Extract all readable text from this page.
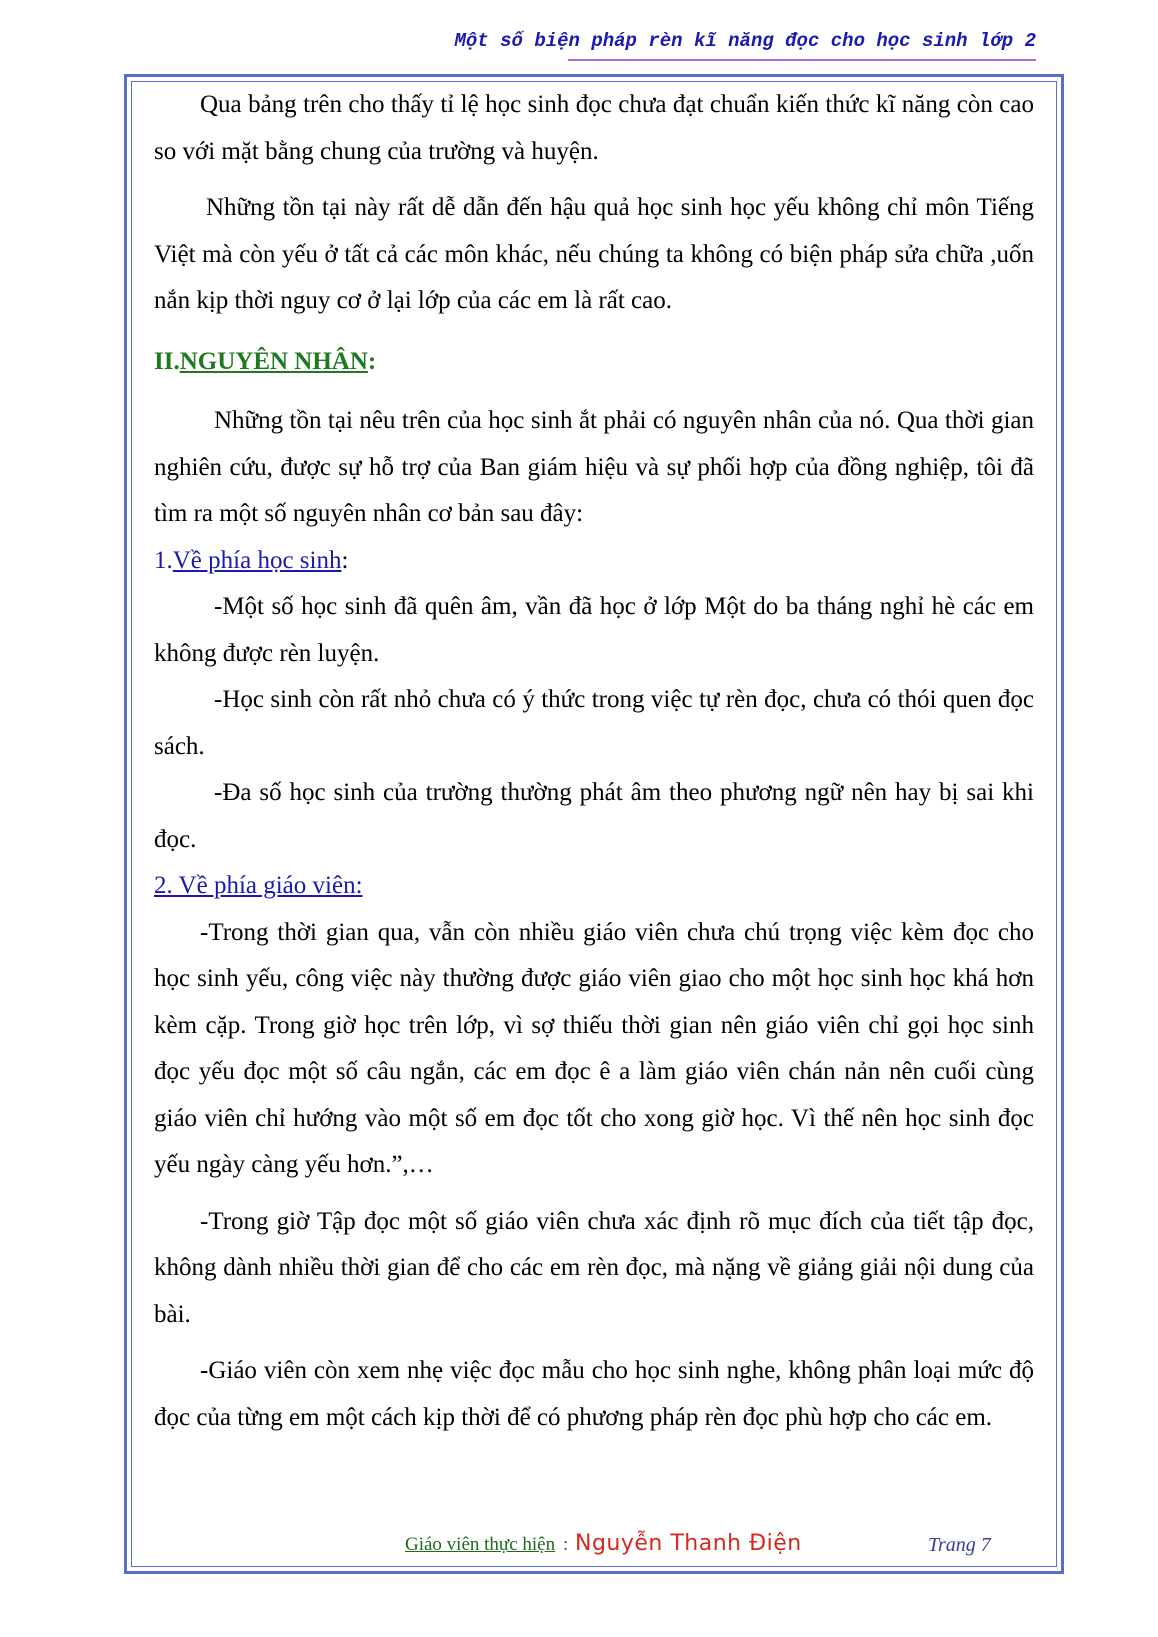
Một số biện pháp rèn kĩ năng đọc cho học sinh lớp 2

Qua bảng trên cho thấy tỉ lệ học sinh đọc chưa đạt chuẩn kiến thức kĩ năng còn cao so với mặt bằng chung của trường và huyện.

Những tồn tại này rất dễ dẫn đến hậu quả học sinh học yếu không chỉ môn Tiếng Việt mà còn yếu ở tất cả các môn khác, nếu chúng ta không có biện pháp sửa chữa ,uốn nắn kịp thời nguy cơ ở lại lớp của các em là rất cao.

II.NGUYÊN NHÂN:

Những tồn tại nêu trên của học sinh ắt phải có nguyên nhân của nó. Qua thời gian nghiên cứu, được sự hỗ trợ của Ban giám hiệu và sự phối hợp của đồng nghiệp, tôi đã tìm ra một số nguyên nhân cơ bản sau đây:

1.Về phía học sinh:

-Một số học sinh đã quên âm, vần đã học ở lớp Một do ba tháng nghỉ hè các em không được rèn luyện.

-Học sinh còn rất nhỏ chưa có ý thức trong việc tự rèn đọc, chưa có thói quen đọc sách.

-Đa số học sinh của trường thường phát âm theo phương ngữ nên hay bị sai khi đọc.

2. Về phía giáo viên:

-Trong thời gian qua, vẫn còn nhiều giáo viên chưa chú trọng việc kèm đọc cho học sinh yếu, công việc này thường được giáo viên giao cho một học sinh học khá hơn kèm cặp. Trong giờ học trên lớp, vì sợ thiếu thời gian nên giáo viên chỉ gọi học sinh đọc yếu đọc một số câu ngắn, các em đọc ê a làm giáo viên chán nản nên cuối cùng giáo viên chỉ hướng vào một số em đọc tốt cho xong giờ học. Vì thế nên học sinh đọc yếu ngày càng yếu hơn.”,…

-Trong giờ Tập đọc một số giáo viên chưa xác định rõ mục đích của tiết tập đọc, không dành nhiều thời gian để cho các em rèn đọc, mà nặng về giảng giải nội dung của bài.

-Giáo viên còn xem nhẹ việc đọc mẫu cho học sinh nghe, không phân loại mức độ đọc của từng em một cách kịp thời để có phương pháp rèn đọc phù hợp cho các em.

Giáo viên thực hiện : Nguyễn Thanh Điện	Trang 7
